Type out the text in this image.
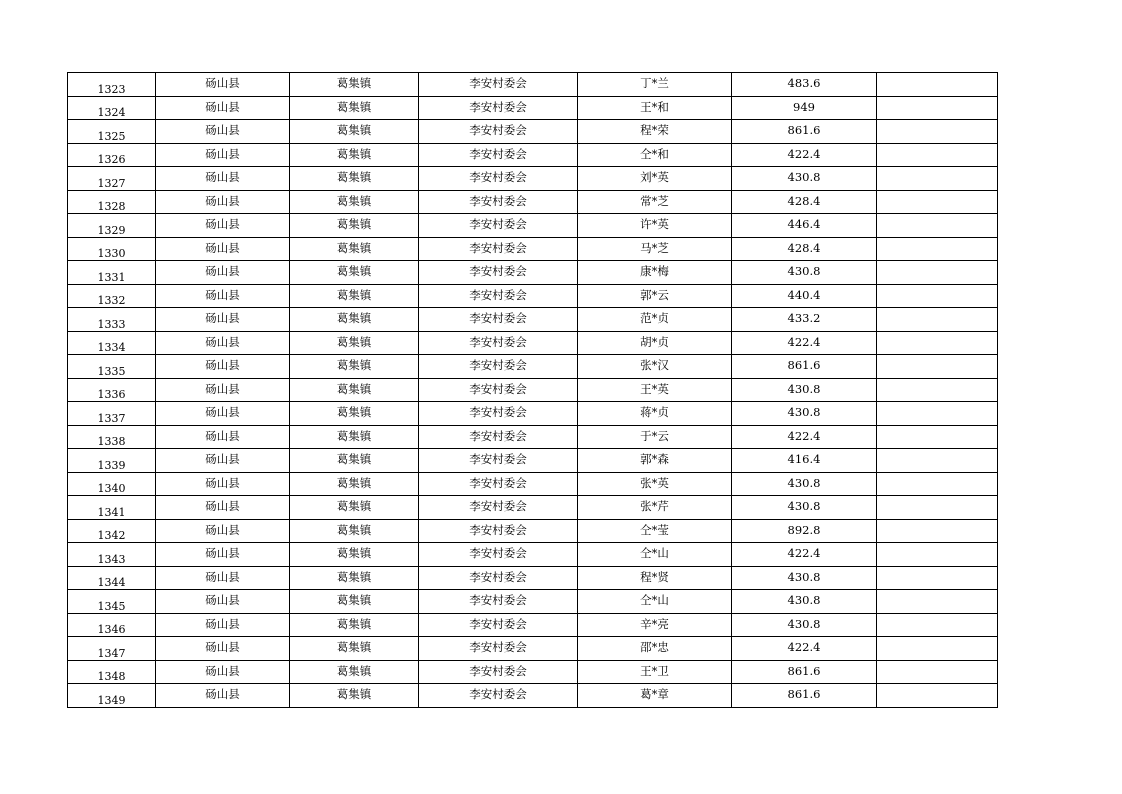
1323	砀山县	葛集镇	李安村委会	丁*兰	483.6	
1324	砀山县	葛集镇	李安村委会	王*和	949	
1325	砀山县	葛集镇	李安村委会	程*荣	861.6	
1326	砀山县	葛集镇	李安村委会	仝*和	422.4	
1327	砀山县	葛集镇	李安村委会	刘*英	430.8	
1328	砀山县	葛集镇	李安村委会	常*芝	428.4	
1329	砀山县	葛集镇	李安村委会	许*英	446.4	
1330	砀山县	葛集镇	李安村委会	马*芝	428.4	
1331	砀山县	葛集镇	李安村委会	康*梅	430.8	
1332	砀山县	葛集镇	李安村委会	郭*云	440.4	
1333	砀山县	葛集镇	李安村委会	范*贞	433.2	
1334	砀山县	葛集镇	李安村委会	胡*贞	422.4	
1335	砀山县	葛集镇	李安村委会	张*汉	861.6	
1336	砀山县	葛集镇	李安村委会	王*英	430.8	
1337	砀山县	葛集镇	李安村委会	蒋*贞	430.8	
1338	砀山县	葛集镇	李安村委会	于*云	422.4	
1339	砀山县	葛集镇	李安村委会	郭*森	416.4	
1340	砀山县	葛集镇	李安村委会	张*英	430.8	
1341	砀山县	葛集镇	李安村委会	张*芹	430.8	
1342	砀山县	葛集镇	李安村委会	仝*莹	892.8	
1343	砀山县	葛集镇	李安村委会	仝*山	422.4	
1344	砀山县	葛集镇	李安村委会	程*贤	430.8	
1345	砀山县	葛集镇	李安村委会	仝*山	430.8	
1346	砀山县	葛集镇	李安村委会	辛*亮	430.8	
1347	砀山县	葛集镇	李安村委会	邵*忠	422.4	
1348	砀山县	葛集镇	李安村委会	王*卫	861.6	
1349	砀山县	葛集镇	李安村委会	葛*章	861.6	
